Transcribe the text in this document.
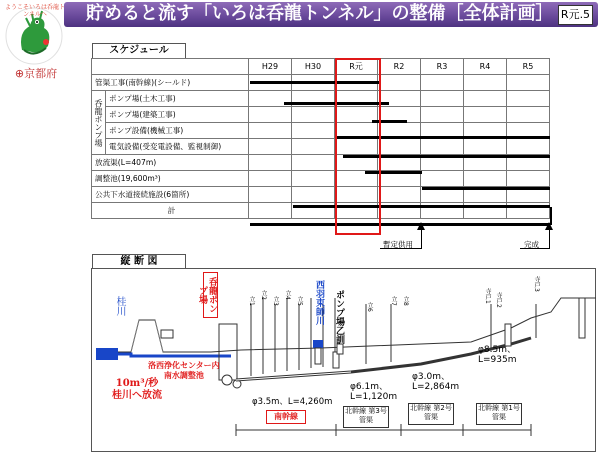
貯めると流す「いろは呑龍トンネル」の整備［全体計画］ R元.5
ようこそいろは呑龍トンネルへ
⊕京都府
スケジュール
		H29	H30	R元	R2	R3	R4	R5
管渠工事(南幹線)(シールド)								
呑龍ポンプ場	ポンプ場(土木工事)							
	ポンプ場(建築工事)							
	ポンプ設備(機械工事)							
	電気設備(受変電設備、監視制御)							
放流渠(L=407m)								
調整池(19,600m³)								
公共下水道接続施設(6箇所)								
計								
暫定供用	完成
縦 断 図
桂川	呑龍ポンプ場
洛西浄化センター内
南水調整池
10m³/秒
桂川へ放流
西羽束師川 ポンプ場乙訓
立1
立2
立3
立4
立5
立6
立7 立8	寺戸1 寺戸2
寺戸3
φ3.5m、L=4,260m
南幹線
φ6.1m、L=1,120m
北幹線 第3号管渠
φ3.0m、L=2,864m
北幹線 第2号管渠
φ8.5m、L=935m
北幹線 第1号管渠
